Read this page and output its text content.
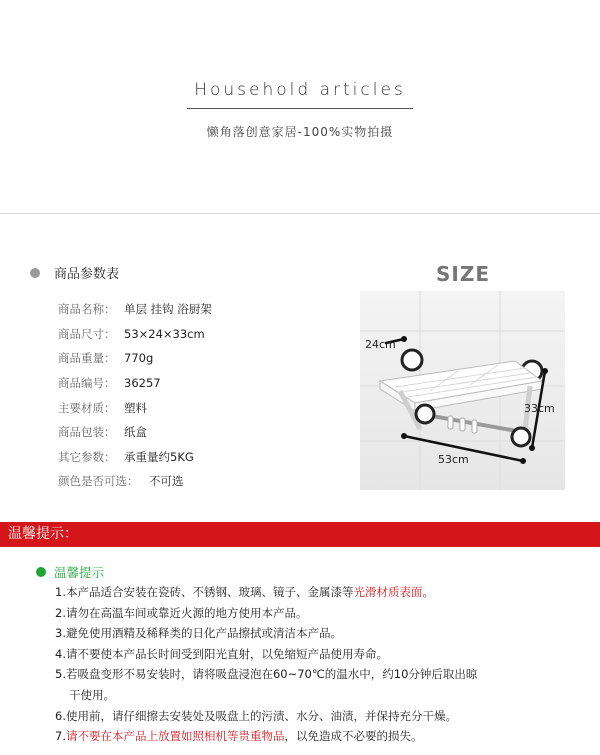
Household articles
懒角落创意家居-100%实物拍摄
商品参数表
商品名称： 单层 挂钩 浴厨架
商品尺寸： 53×24×33cm
商品重量： 770g
商品编号： 36257
主要材质： 塑料
商品包装： 纸盒
其它参数： 承重量约5KG
颜色是否可选： 不可选
SIZE
24cm
33cm
53cm
温馨提示：
温馨提示
1.本产品适合安装在瓷砖、不锈钢、玻璃、镜子、金属漆等光滑材质表面。
2.请勿在高温车间或靠近火源的地方使用本产品。
3.避免使用酒精及稀释类的日化产品擦拭或清洁本产品。
4.请不要使本产品长时间受到阳光直射，以免缩短产品使用寿命。
5.若吸盘变形不易安装时，请将吸盘浸泡在60~70℃的温水中，约10分钟后取出晾
干使用。
6.使用前，请仔细擦去安装处及吸盘上的污渍、水分、油渍，并保持充分干燥。
7.请不要在本产品上放置如照相机等贵重物品，以免造成不必要的损失。
